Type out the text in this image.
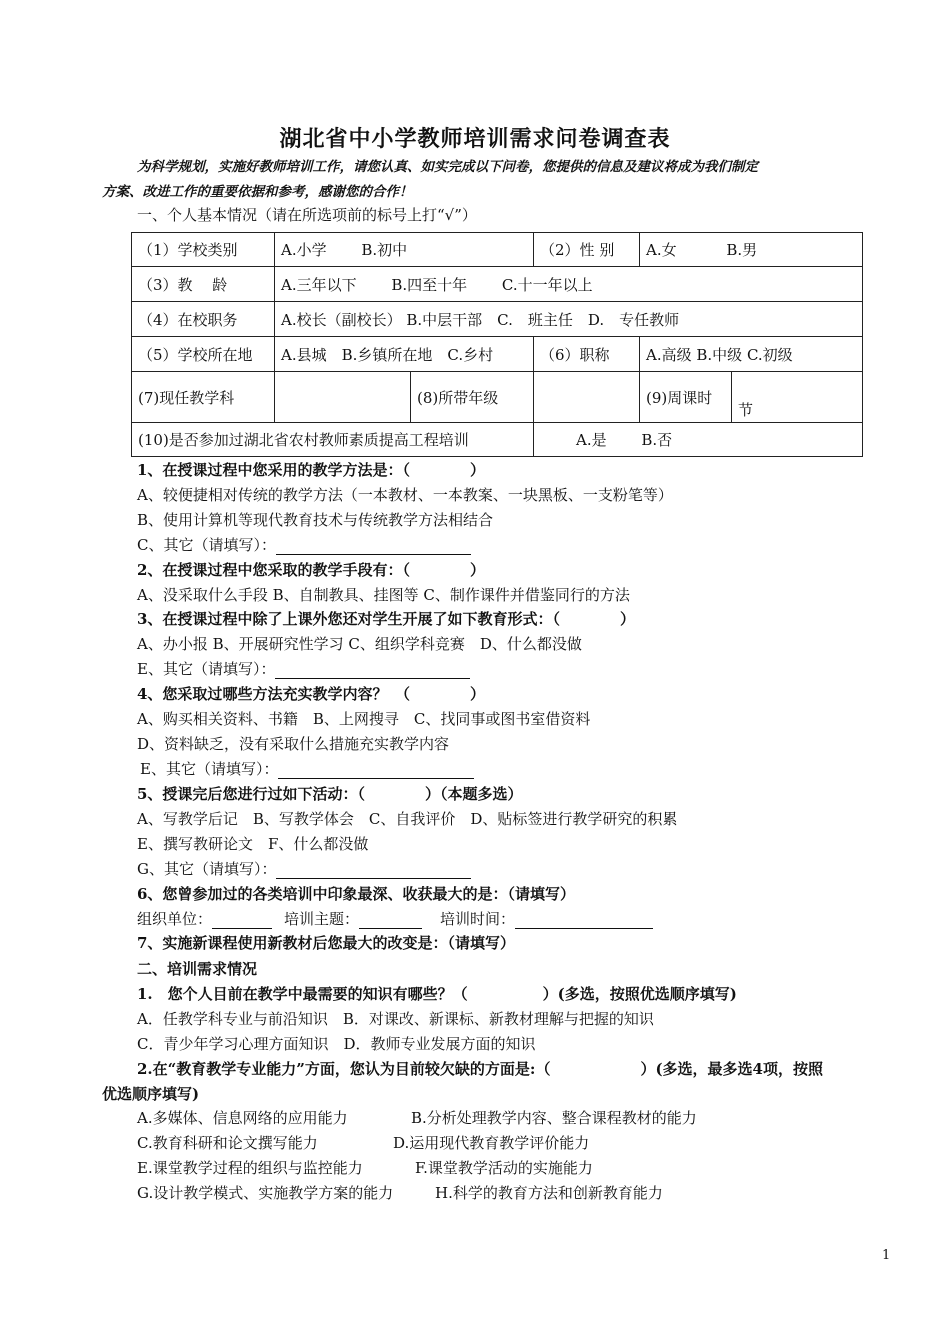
湖北省中小学教师培训需求问卷调查表
为科学规划，实施好教师培训工作，请您认真、如实完成以下问卷，您提供的信息及建议将成为我们制定
方案、改进工作的重要依据和参考，感谢您的合作！
一、个人基本情况（请在所选项前的标号上打“√”）
（1）学校类别	A.小学　　 B.初中		（2）性 别	A.女　　　 B.男	
（3）教　 龄	A.三年以下　　 B.四至十年　　 C.十一年以上				
（4）在校职务	A.校长（副校长） B.中层干部　C.　班主任　D.　专任教师				
（5）学校所在地	A.县城　B.乡镇所在地　C.乡村		（6）职称	A.高级 B.中级 C.初级	
(7)现任教学科		(8)所带年级		(9)周课时	节
(10)是否参加过湖北省农村教师素质提高工程培训			A.是　　 B.否		
1、在授课过程中您采用的教学方法是：（　　　　）
A、较便捷相对传统的教学方法（一本教材、一本教案、一块黑板、一支粉笔等）
B、使用计算机等现代教育技术与传统教学方法相结合
C、其它（请填写）：
2、在授课过程中您采取的教学手段有：（　　　　）
A、没采取什么手段 B、自制教具、挂图等 C、制作课件并借鉴同行的方法
3、在授课过程中除了上课外您还对学生开展了如下教育形式：（　　　　）
A、办小报 B、开展研究性学习 C、组织学科竞赛　D、什么都没做
E、其它（请填写）：
4、您采取过哪些方法充实教学内容？　（　　　　）
A、购买相关资料、书籍　B、上网搜寻　C、找同事或图书室借资料
D、资料缺乏，没有采取什么措施充实教学内容
E、其它（请填写）：
5、授课完后您进行过如下活动：（　　　　）（本题多选）
A、写教学后记　B、写教学体会　C、自我评价　D、贴标签进行教学研究的积累
E、撰写教研论文　F、什么都没做
G、其它（请填写）：
6、您曾参加过的各类培训中印象最深、收获最大的是：（请填写）
组织单位：	培训主题：	培训时间：
7、实施新课程使用新教材后您最大的改变是：（请填写）
二、培训需求情况
1.　您个人目前在教学中最需要的知识有哪些？（　　　　　）(多选，按照优选顺序填写)
A．任教学科专业与前沿知识　B．对课改、新课标、新教材理解与把握的知识
C．青少年学习心理方面知识　D．教师专业发展方面的知识
2.在“教育教学专业能力”方面，您认为目前较欠缺的方面是:（　　　　　　）(多选，最多选4项，按照
优选顺序填写)
A.多媒体、信息网络的应用能力	B.分析处理教学内容、整合课程教材的能力
C.教育科研和论文撰写能力	D.运用现代教育教学评价能力
E.课堂教学过程的组织与监控能力	F.课堂教学活动的实施能力
G.设计教学模式、实施教学方案的能力	H.科学的教育方法和创新教育能力
1
